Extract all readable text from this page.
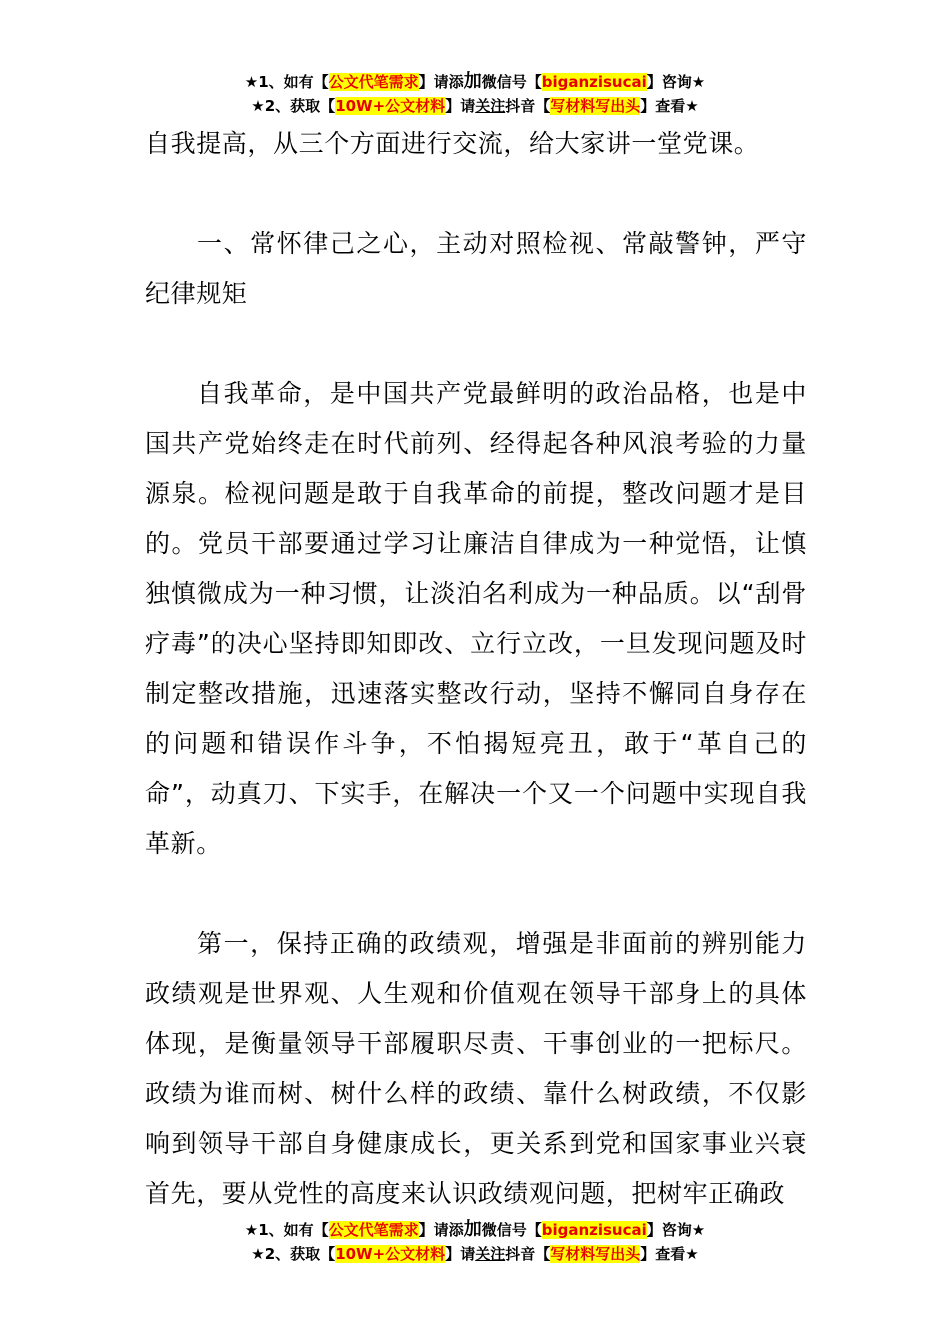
★1、如有【公文代笔需求】请添加微信号【biganzisucai】咨询★
★2、获取【10W+公文材料】请关注抖音【写材料写出头】查看★

自我提高，从三个方面进行交流，给大家讲一堂党课。

一、常怀律己之心，主动对照检视、常敲警钟，严守纪律规矩

自我革命，是中国共产党最鲜明的政治品格，也是中国共产党始终走在时代前列、经得起各种风浪考验的力量源泉。检视问题是敢于自我革命的前提，整改问题才是目的。党员干部要通过学习让廉洁自律成为一种觉悟，让慎独慎微成为一种习惯，让淡泊名利成为一种品质。以“刮骨疗毒”的决心坚持即知即改、立行立改，一旦发现问题及时制定整改措施，迅速落实整改行动，坚持不懈同自身存在的问题和错误作斗争，不怕揭短亮丑，敢于“革自己的命”，动真刀、下实手，在解决一个又一个问题中实现自我革新。

第一，保持正确的政绩观，增强是非面前的辨别能力政绩观是世界观、人生观和价值观在领导干部身上的具体体现，是衡量领导干部履职尽责、干事创业的一把标尺。政绩为谁而树、树什么样的政绩、靠什么树政绩，不仅影响到领导干部自身健康成长，更关系到党和国家事业兴衰首先，要从党性的高度来认识政绩观问题，把树牢正确政

★1、如有【公文代笔需求】请添加微信号【biganzisucai】咨询★
★2、获取【10W+公文材料】请关注抖音【写材料写出头】查看★
